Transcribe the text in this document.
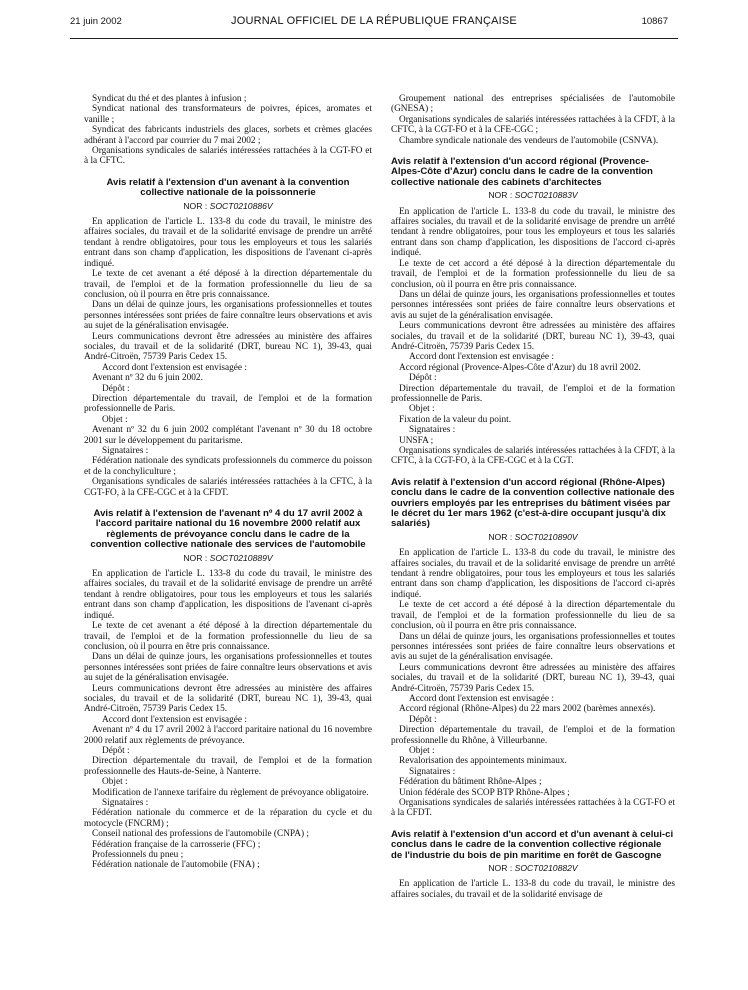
21 juin 2002	JOURNAL OFFICIEL DE LA RÉPUBLIQUE FRANÇAISE	10867

Syndicat du thé et des plantes à infusion ;

Syndicat national des transformateurs de poivres, épices, aromates et vanille ;

Syndicat des fabricants industriels des glaces, sorbets et crèmes glacées adhérant à l'accord par courrier du 7 mai 2002 ;

Organisations syndicales de salariés intéressées rattachées à la CGT-FO et à la CFTC.

Avis relatif à l'extension d'un avenant à la convention collective nationale de la poissonnerie

NOR : SOCT0210886V

En application de l'article L. 133-8 du code du travail, le ministre des affaires sociales, du travail et de la solidarité envisage de prendre un arrêté tendant à rendre obligatoires, pour tous les employeurs et tous les salariés entrant dans son champ d'application, les dispositions de l'avenant ci-après indiqué.

Le texte de cet avenant a été déposé à la direction départementale du travail, de l'emploi et de la formation professionnelle du lieu de sa conclusion, où il pourra en être pris connaissance.

Dans un délai de quinze jours, les organisations professionnelles et toutes personnes intéressées sont priées de faire connaître leurs observations et avis au sujet de la généralisation envisagée.

Leurs communications devront être adressées au ministère des affaires sociales, du travail et de la solidarité (DRT, bureau NC 1), 39-43, quai André-Citroën, 75739 Paris Cedex 15.

Accord dont l'extension est envisagée :

Avenant nº 32 du 6 juin 2002.

Dépôt :

Direction départementale du travail, de l'emploi et de la formation professionnelle de Paris.

Objet :

Avenant nº 32 du 6 juin 2002 complétant l'avenant nº 30 du 18 octobre 2001 sur le développement du paritarisme.

Signataires :

Fédération nationale des syndicats professionnels du commerce du poisson et de la conchyliculture ;

Organisations syndicales de salariés intéressées rattachées à la CFTC, à la CGT-FO, à la CFE-CGC et à la CFDT.

Avis relatif à l'extension de l'avenant nº 4 du 17 avril 2002 à l'accord paritaire national du 16 novembre 2000 relatif aux règlements de prévoyance conclu dans le cadre de la convention collective nationale des services de l'automobile

NOR : SOCT0210889V

En application de l'article L. 133-8 du code du travail, le ministre des affaires sociales, du travail et de la solidarité envisage de prendre un arrêté tendant à rendre obligatoires, pour tous les employeurs et tous les salariés entrant dans son champ d'application, les dispositions de l'avenant ci-après indiqué.

Le texte de cet avenant a été déposé à la direction départementale du travail, de l'emploi et de la formation professionnelle du lieu de sa conclusion, où il pourra en être pris connaissance.

Dans un délai de quinze jours, les organisations professionnelles et toutes personnes intéressées sont priées de faire connaître leurs observations et avis au sujet de la généralisation envisagée.

Leurs communications devront être adressées au ministère des affaires sociales, du travail et de la solidarité (DRT, bureau NC 1), 39-43, quai André-Citroën, 75739 Paris Cedex 15.

Accord dont l'extension est envisagée :

Avenant nº 4 du 17 avril 2002 à l'accord paritaire national du 16 novembre 2000 relatif aux règlements de prévoyance.

Dépôt :

Direction départementale du travail, de l'emploi et de la formation professionnelle des Hauts-de-Seine, à Nanterre.

Objet :

Modification de l'annexe tarifaire du règlement de prévoyance obligatoire.

Signataires :

Fédération nationale du commerce et de la réparation du cycle et du motocycle (FNCRM) ;

Conseil national des professions de l'automobile (CNPA) ;

Fédération française de la carrosserie (FFC) ;

Professionnels du pneu ;

Fédération nationale de l'automobile (FNA) ;

Groupement national des entreprises spécialisées de l'automobile (GNESA) ;

Organisations syndicales de salariés intéressées rattachées à la CFDT, à la CFTC, à la CGT-FO et à la CFE-CGC ;

Chambre syndicale nationale des vendeurs de l'automobile (CSNVA).

Avis relatif à l'extension d'un accord régional (Provence-Alpes-Côte d'Azur) conclu dans le cadre de la convention collective nationale des cabinets d'architectes

NOR : SOCT0210883V

En application de l'article L. 133-8 du code du travail, le ministre des affaires sociales, du travail et de la solidarité envisage de prendre un arrêté tendant à rendre obligatoires, pour tous les employeurs et tous les salariés entrant dans son champ d'application, les dispositions de l'accord ci-après indiqué.

Le texte de cet accord a été déposé à la direction départementale du travail, de l'emploi et de la formation professionnelle du lieu de sa conclusion, où il pourra en être pris connaissance.

Dans un délai de quinze jours, les organisations professionnelles et toutes personnes intéressées sont priées de faire connaître leurs observations et avis au sujet de la généralisation envisagée.

Leurs communications devront être adressées au ministère des affaires sociales, du travail et de la solidarité (DRT, bureau NC 1), 39-43, quai André-Citroën, 75739 Paris Cedex 15.

Accord dont l'extension est envisagée :

Accord régional (Provence-Alpes-Côte d'Azur) du 18 avril 2002.

Dépôt :

Direction départementale du travail, de l'emploi et de la formation professionnelle de Paris.

Objet :

Fixation de la valeur du point.

Signataires :

UNSFA ;

Organisations syndicales de salariés intéressées rattachées à la CFDT, à la CFTC, à la CGT-FO, à la CFE-CGC et à la CGT.

Avis relatif à l'extension d'un accord régional (Rhône-Alpes) conclu dans le cadre de la convention collective nationale des ouvriers employés par les entreprises du bâtiment visées par le décret du 1er mars 1962 (c'est-à-dire occupant jusqu'à dix salariés)

NOR : SOCT0210890V

En application de l'article L. 133-8 du code du travail, le ministre des affaires sociales, du travail et de la solidarité envisage de prendre un arrêté tendant à rendre obligatoires, pour tous les employeurs et tous les salariés entrant dans son champ d'application, les dispositions de l'accord ci-après indiqué.

Le texte de cet accord a été déposé à la direction départementale du travail, de l'emploi et de la formation professionnelle du lieu de sa conclusion, où il pourra en être pris connaissance.

Dans un délai de quinze jours, les organisations professionnelles et toutes personnes intéressées sont priées de faire connaître leurs observations et avis au sujet de la généralisation envisagée.

Leurs communications devront être adressées au ministère des affaires sociales, du travail et de la solidarité (DRT, bureau NC 1), 39-43, quai André-Citroën, 75739 Paris Cedex 15.

Accord dont l'extension est envisagée :

Accord régional (Rhône-Alpes) du 22 mars 2002 (barèmes annexés).

Dépôt :

Direction départementale du travail, de l'emploi et de la formation professionnelle du Rhône, à Villeurbanne.

Objet :

Revalorisation des appointements minimaux.

Signataires :

Fédération du bâtiment Rhône-Alpes ;

Union fédérale des SCOP BTP Rhône-Alpes ;

Organisations syndicales de salariés intéressées rattachées à la CGT-FO et à la CFDT.

Avis relatif à l'extension d'un accord et d'un avenant à celui-ci conclus dans le cadre de la convention collective régionale de l'industrie du bois de pin maritime en forêt de Gascogne

NOR : SOCT0210882V

En application de l'article L. 133-8 du code du travail, le ministre des affaires sociales, du travail et de la solidarité envisage de
